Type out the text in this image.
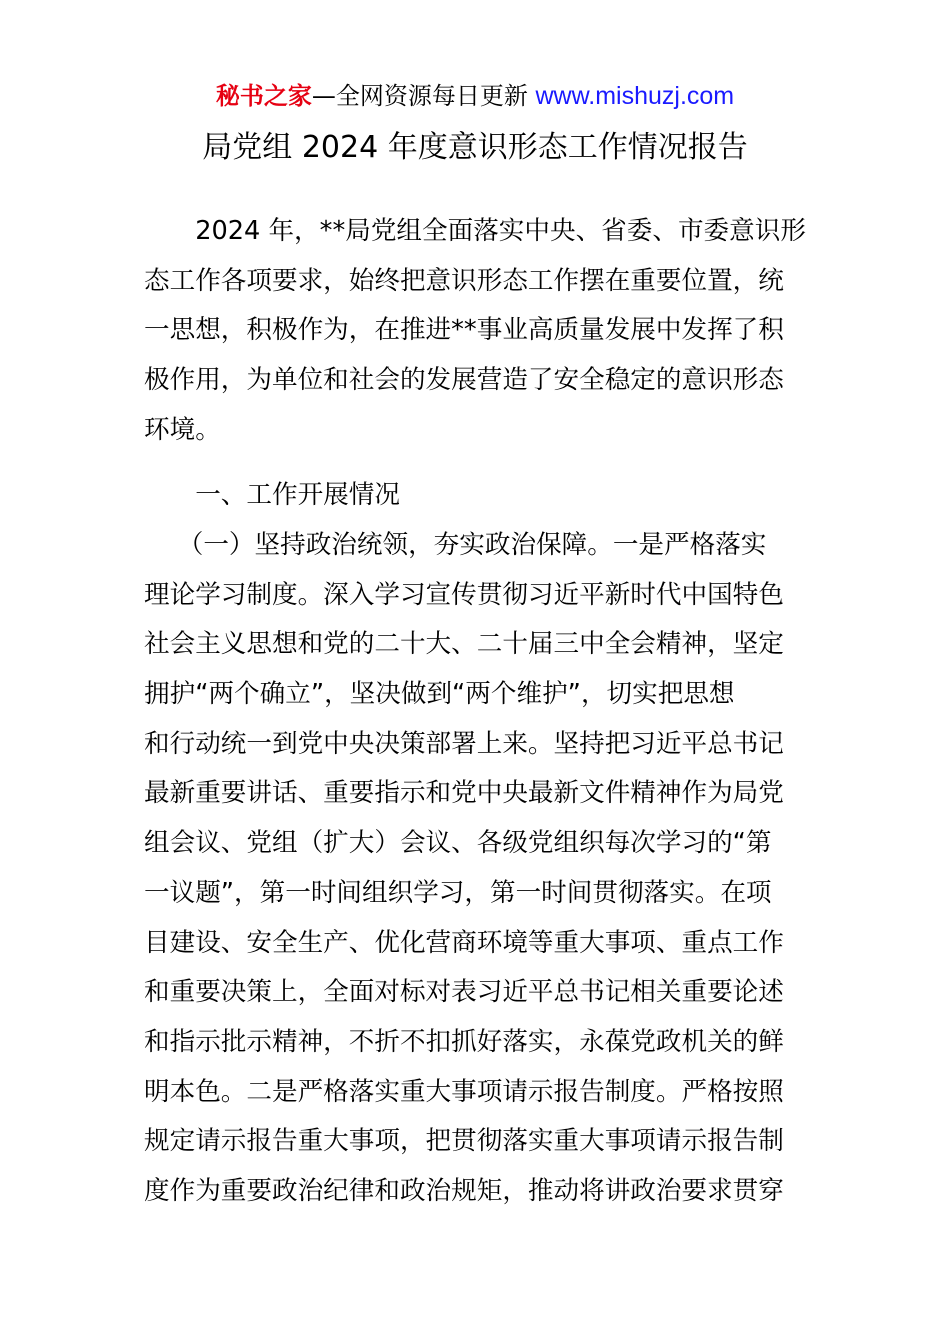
秘书之家—全网资源每日更新 www.mishuzj.com
局党组 2024 年度意识形态工作情况报告
　　2024 年，**局党组全面落实中央、省委、市委意识形
态工作各项要求，始终把意识形态工作摆在重要位置，统
一思想，积极作为，在推进**事业高质量发展中发挥了积
极作用，为单位和社会的发展营造了安全稳定的意识形态
环境。
　　一、工作开展情况
　 （一）坚持政治统领，夯实政治保障。一是严格落实
理论学习制度。深入学习宣传贯彻习近平新时代中国特色
社会主义思想和党的二十大、二十届三中全会精神，坚定
拥护“两个确立”，坚决做到“两个维护”，切实把思想
和行动统一到党中央决策部署上来。坚持把习近平总书记
最新重要讲话、重要指示和党中央最新文件精神作为局党
组会议、党组（扩大）会议、各级党组织每次学习的“第
一议题”，第一时间组织学习，第一时间贯彻落实。在项
目建设、安全生产、优化营商环境等重大事项、重点工作
和重要决策上，全面对标对表习近平总书记相关重要论述
和指示批示精神，不折不扣抓好落实，永葆党政机关的鲜
明本色。二是严格落实重大事项请示报告制度。严格按照
规定请示报告重大事项，把贯彻落实重大事项请示报告制
度作为重要政治纪律和政治规矩，推动将讲政治要求贯穿
